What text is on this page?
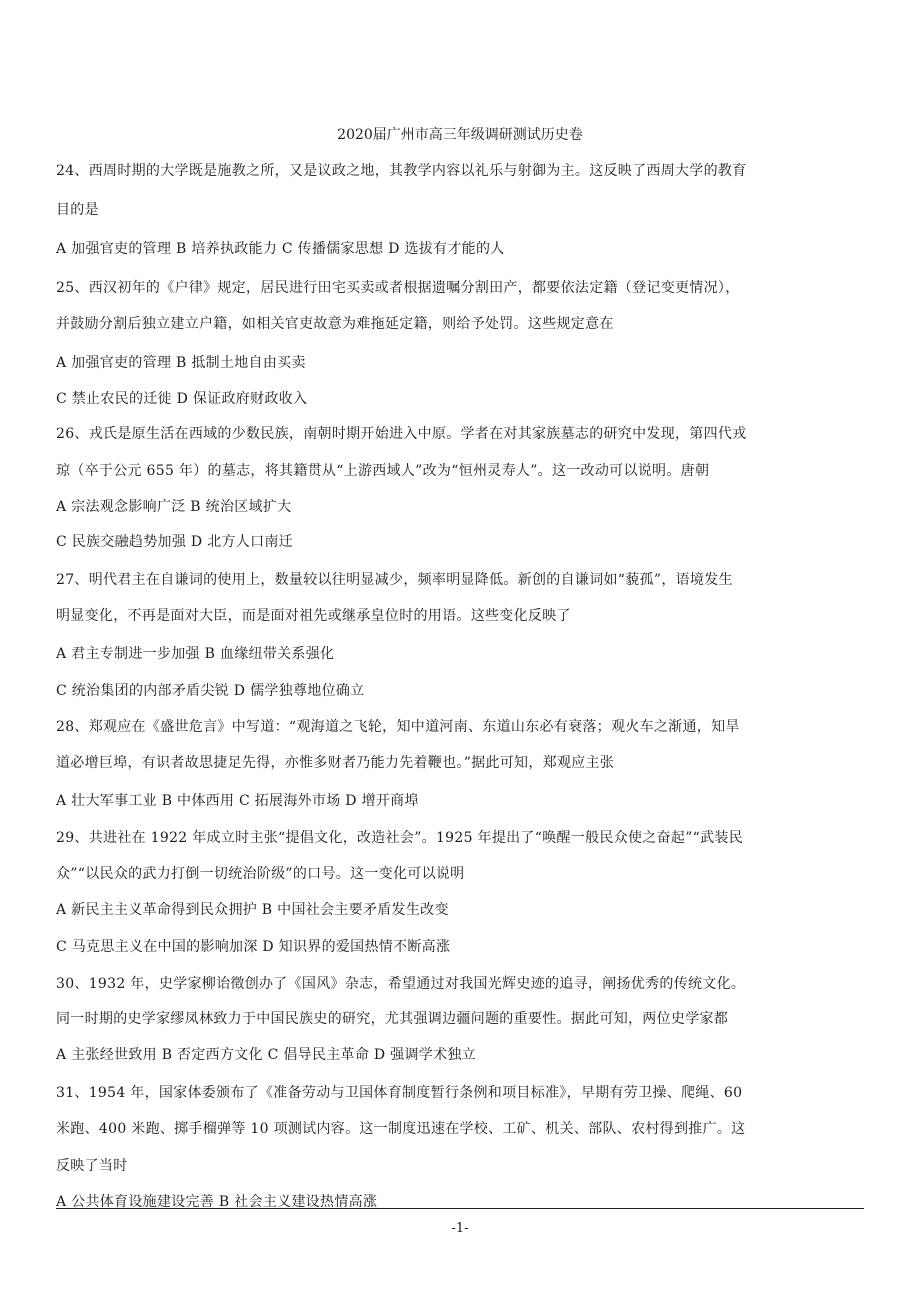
2020届广州市高三年级调研测试历史卷
24、西周时期的大学既是施教之所，又是议政之地，其教学内容以礼乐与射御为主。这反映了西周大学的教育
目的是
A 加强官吏的管理 B 培养执政能力 C 传播儒家思想 D 选拔有才能的人
25、西汉初年的《户律》规定，居民进行田宅买卖或者根据遗嘱分割田产，都要依法定籍（登记变更情况），
并鼓励分割后独立建立户籍，如相关官吏故意为难拖延定籍，则给予处罚。这些规定意在
A 加强官吏的管理 B 抵制土地自由买卖
C 禁止农民的迁徙 D 保证政府财政收入
26、戎氏是原生活在西域的少数民族，南朝时期开始进入中原。学者在对其家族墓志的研究中发现，第四代戎
琼（卒于公元 655 年）的墓志，将其籍贯从“上游西域人”改为“恒州灵寿人”。这一改动可以说明。唐朝
A 宗法观念影响广泛 B 统治区域扩大
C 民族交融趋势加强 D 北方人口南迁
27、明代君主在自谦词的使用上，数量较以往明显减少，频率明显降低。新创的自谦词如“藐孤”，语境发生
明显变化，不再是面对大臣，而是面对祖先或继承皇位时的用语。这些变化反映了
A 君主专制进一步加强 B 血缘纽带关系强化
C 统治集团的内部矛盾尖锐 D 儒学独尊地位确立
28、郑观应在《盛世危言》中写道：“观海道之飞轮，知中道河南、东道山东必有衰落；观火车之渐通，知旱
道必增巨埠，有识者故思捷足先得，亦惟多财者乃能力先着鞭也。”据此可知，郑观应主张
A 壮大军事工业 B 中体西用 C 拓展海外市场 D 增开商埠
29、共进社在 1922 年成立时主张“提倡文化，改造社会”。1925 年提出了“唤醒一般民众使之奋起”“武装民
众”“以民众的武力打倒一切统治阶级”的口号。这一变化可以说明
A 新民主主义革命得到民众拥护 B 中国社会主要矛盾发生改变
C 马克思主义在中国的影响加深 D 知识界的爱国热情不断高涨
30、1932 年，史学家柳诒徵创办了《国风》杂志，希望通过对我国光辉史迹的追寻，阐扬优秀的传统文化。
同一时期的史学家缪凤林致力于中国民族史的研究，尤其强调边疆问题的重要性。据此可知，两位史学家都
A 主张经世致用 B 否定西方文化 C 倡导民主革命 D 强调学术独立
31、1954 年，国家体委颁布了《准备劳动与卫国体育制度暂行条例和项目标准》，早期有劳卫操、爬绳、60
米跑、400 米跑、掷手榴弹等 10 项测试内容。这一制度迅速在学校、工矿、机关、部队、农村得到推广。这
反映了当时
A 公共体育设施建设完善 B 社会主义建设热情高涨
-1-
